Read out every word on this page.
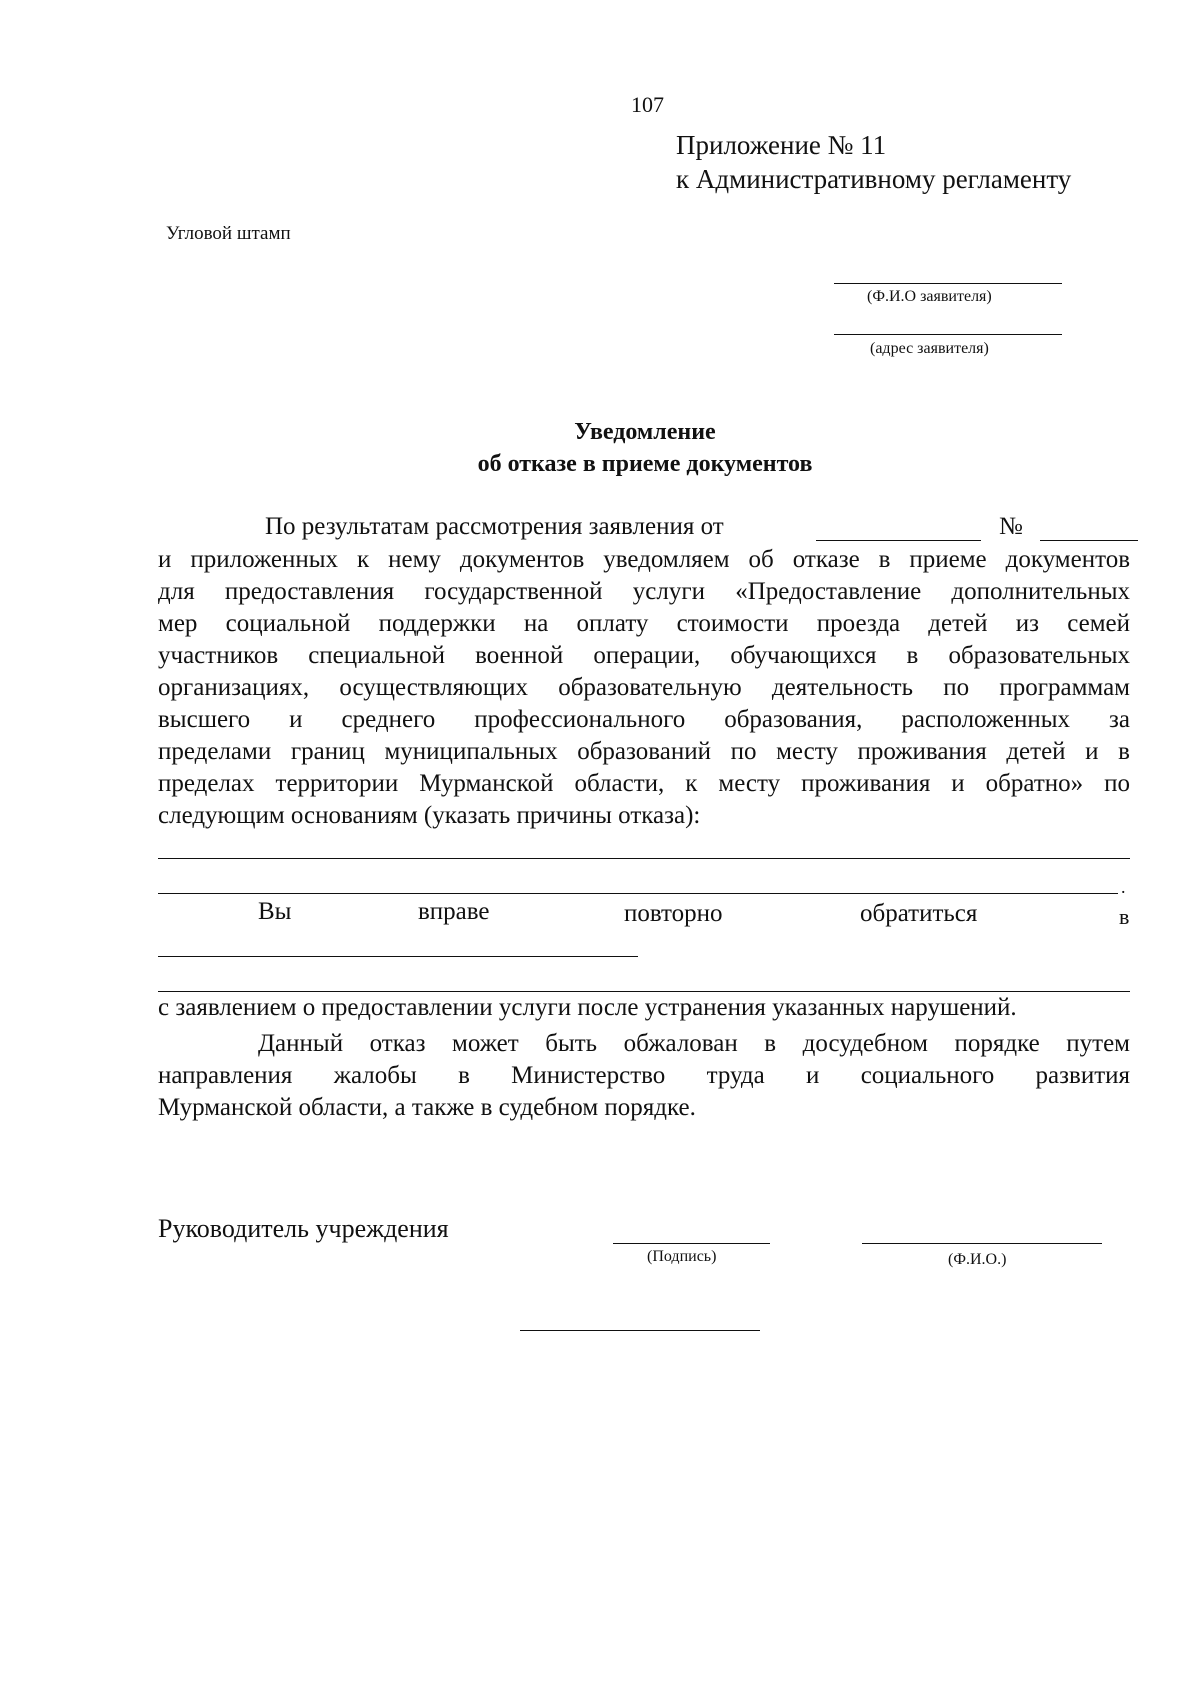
107
Приложение № 11
к Административному регламенту
Угловой штамп
(Ф.И.О заявителя)
(адрес заявителя)
Уведомление
об отказе в приеме документов
По результатам рассмотрения заявления от	№
и приложенных к нему документов уведомляем об отказе в приеме документов
для предоставления государственной услуги «Предоставление дополнительных
мер социальной поддержки на оплату стоимости проезда детей из семей
участников специальной военной операции, обучающихся в образовательных
организациях, осуществляющих образовательную деятельность по программам
высшего и среднего профессионального образования, расположенных за
пределами границ муниципальных образований по месту проживания детей и в
пределах территории Мурманской области, к месту проживания и обратно» по
следующим основаниям (указать причины отказа):
.
Вы	вправе	повторно	обратиться	в
с заявлением о предоставлении услуги после устранения указанных нарушений.
Данный отказ может быть обжалован в досудебном порядке путем
направления жалобы в Министерство труда и социального развития
Мурманской области, а также в судебном порядке.
Руководитель учреждения
(Подпись)	(Ф.И.О.)
